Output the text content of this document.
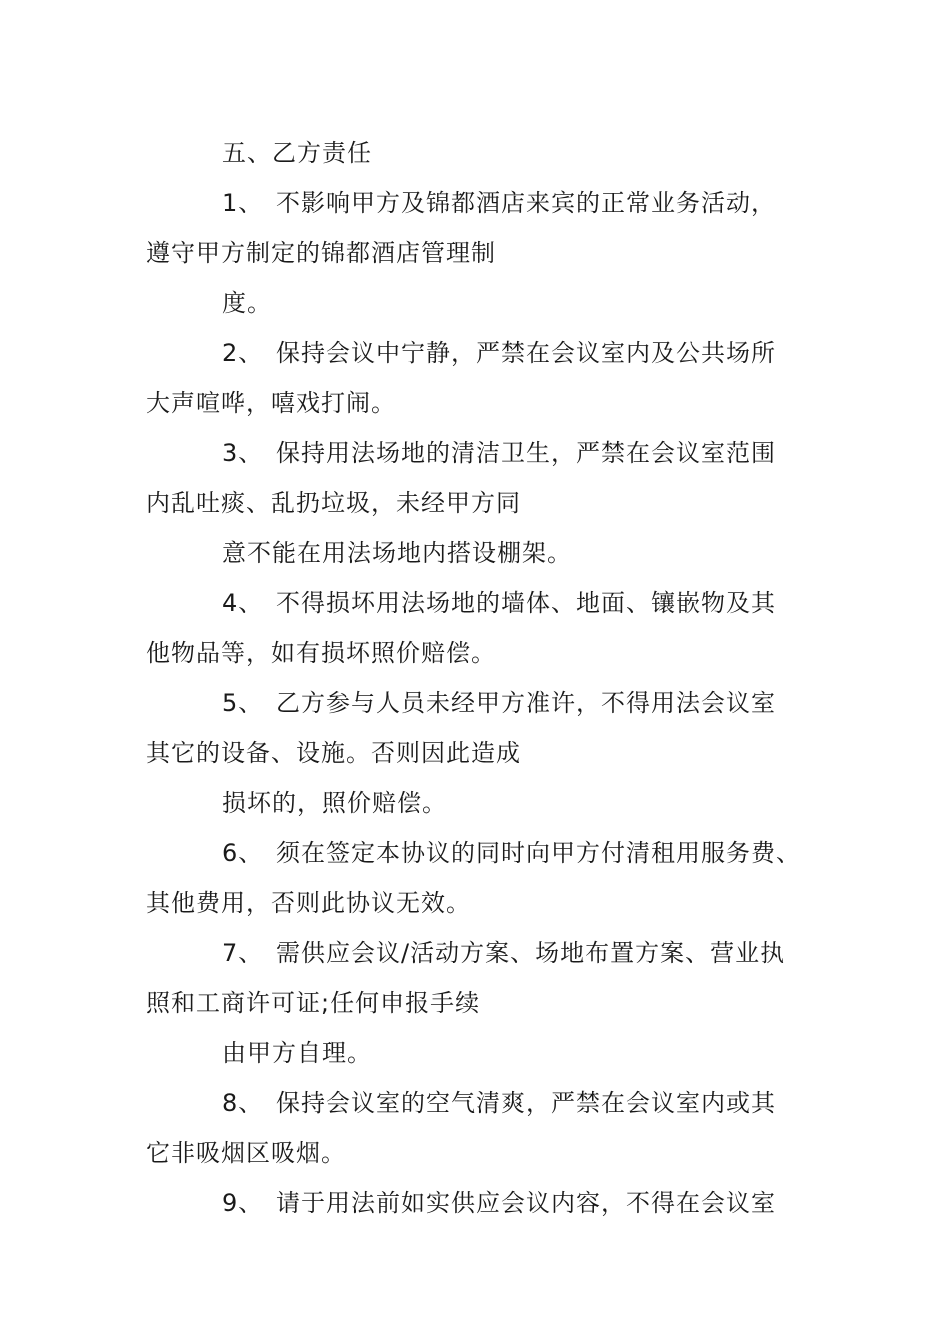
五、乙方责任
1、 不影响甲方及锦都酒店来宾的正常业务活动，
遵守甲方制定的锦都酒店管理制
度。
2、 保持会议中宁静，严禁在会议室内及公共场所
大声喧哗，嘻戏打闹。
3、 保持用法场地的清洁卫生，严禁在会议室范围
内乱吐痰、乱扔垃圾，未经甲方同
意不能在用法场地内搭设棚架。
4、 不得损坏用法场地的墙体、地面、镶嵌物及其
他物品等，如有损坏照价赔偿。
5、 乙方参与人员未经甲方准许，不得用法会议室
其它的设备、设施。否则因此造成
损坏的，照价赔偿。
6、 须在签定本协议的同时向甲方付清租用服务费、
其他费用，否则此协议无效。
7、 需供应会议/活动方案、场地布置方案、营业执
照和工商许可证;任何申报手续
由甲方自理。
8、 保持会议室的空气清爽，严禁在会议室内或其
它非吸烟区吸烟。
9、 请于用法前如实供应会议内容，不得在会议室
